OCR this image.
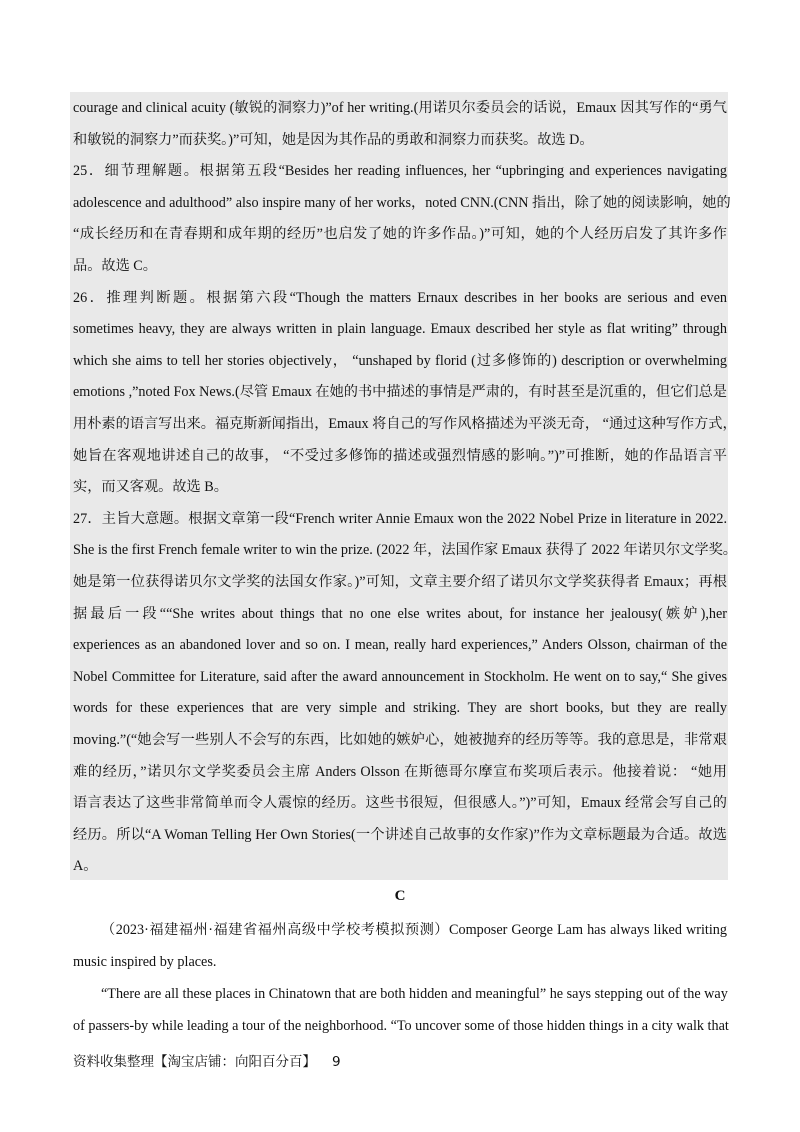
courage and clinical acuity (敏锐的洞察力)”of her writing.(用诺贝尔委员会的话说，Emaux 因其写作的“勇气
和敏锐的洞察力”而获奖。)”可知，她是因为其作品的勇敢和洞察力而获奖。故选 D。
25．细节理解题。根据第五段“Besides her reading influences, her “upbringing and experiences navigating
adolescence and adulthood” also inspire many of her works，noted CNN.(CNN 指出，除了她的阅读影响，她的
“成长经历和在青春期和成年期的经历”也启发了她的许多作品。)”可知，她的个人经历启发了其许多作
品。故选 C。
26．推理判断题。根据第六段“Though the matters Ernaux describes in her books are serious and even
sometimes heavy, they are always written in plain language. Emaux described her style as flat writing” through
which she aims to tell her stories objectively， “unshaped by florid (过多修饰的) description or overwhelming
emotions ,”noted Fox News.(尽管 Emaux 在她的书中描述的事情是严肃的，有时甚至是沉重的，但它们总是
用朴素的语言写出来。福克斯新闻指出，Emaux 将自己的写作风格描述为平淡无奇， “通过这种写作方式，
她旨在客观地讲述自己的故事， “不受过多修饰的描述或强烈情感的影响。”)”可推断，她的作品语言平
实，而又客观。故选 B。
27．主旨大意题。根据文章第一段“French writer Annie Emaux won the 2022 Nobel Prize in literature in 2022.
She is the first French female writer to win the prize. (2022 年，法国作家 Emaux 获得了 2022 年诺贝尔文学奖。
她是第一位获得诺贝尔文学奖的法国女作家。)”可知，文章主要介绍了诺贝尔文学奖获得者 Emaux；再根
据最后一段““She writes about things that no one else writes about, for instance her jealousy(嫉妒),her
experiences as an abandoned lover and so on. I mean, really hard experiences,” Anders Olsson, chairman of the
Nobel Committee for Literature, said after the award announcement in Stockholm. He went on to say,“ She gives
words for these experiences that are very simple and striking. They are short books, but they are really
moving.”(“她会写一些别人不会写的东西，比如她的嫉妒心，她被抛弃的经历等等。我的意思是，非常艰
难的经历，”诺贝尔文学奖委员会主席 Anders Olsson 在斯德哥尔摩宣布奖项后表示。他接着说： “她用
语言表达了这些非常简单而令人震惊的经历。这些书很短，但很感人。”)”可知，Emaux 经常会写自己的
经历。所以“A Woman Telling Her Own Stories(一个讲述自己故事的女作家)”作为文章标题最为合适。故选
A。
C
（2023·福建福州·福建省福州高级中学校考模拟预测）Composer George Lam has always liked writing
music inspired by places.
“There are all these places in Chinatown that are both hidden and meaningful” he says stepping out of the way
of passers-by while leading a tour of the neighborhood. “To uncover some of those hidden things in a city walk that
资料收集整理【淘宝店铺：向阳百分百】 9
